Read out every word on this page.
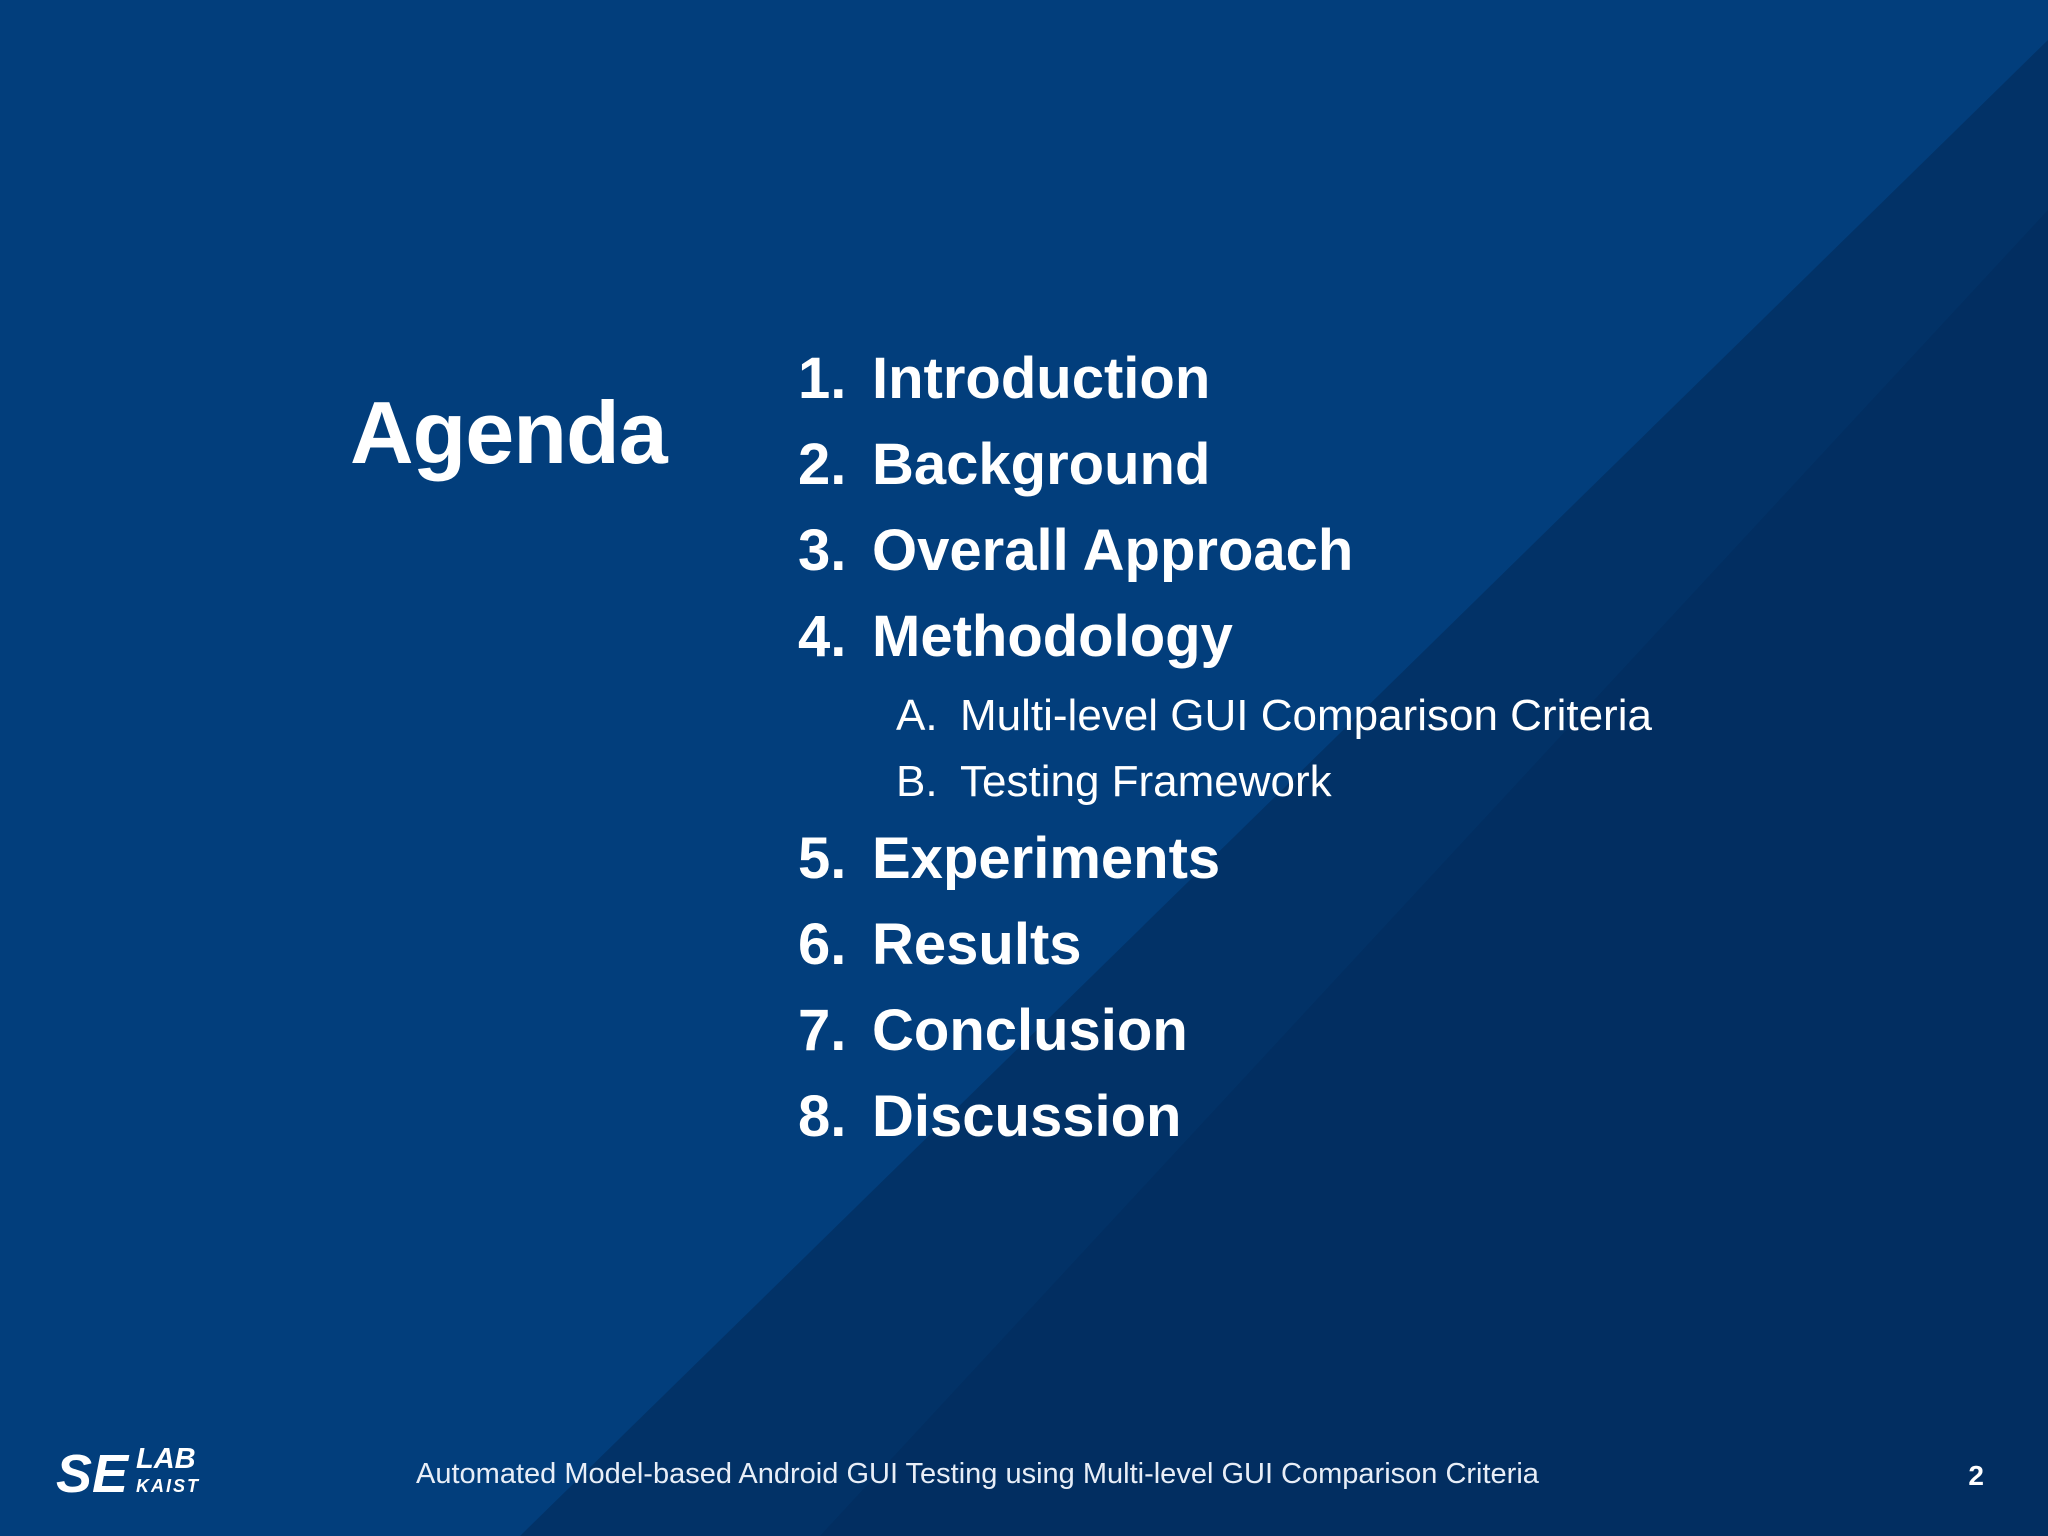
Agenda
1. Introduction
2. Background
3. Overall Approach
4. Methodology
A. Multi-level GUI Comparison Criteria
B. Testing Framework
5. Experiments
6. Results
7. Conclusion
8. Discussion
SE LAB
KAIST	Automated Model-based Android GUI Testing using Multi-level GUI Comparison Criteria	2
